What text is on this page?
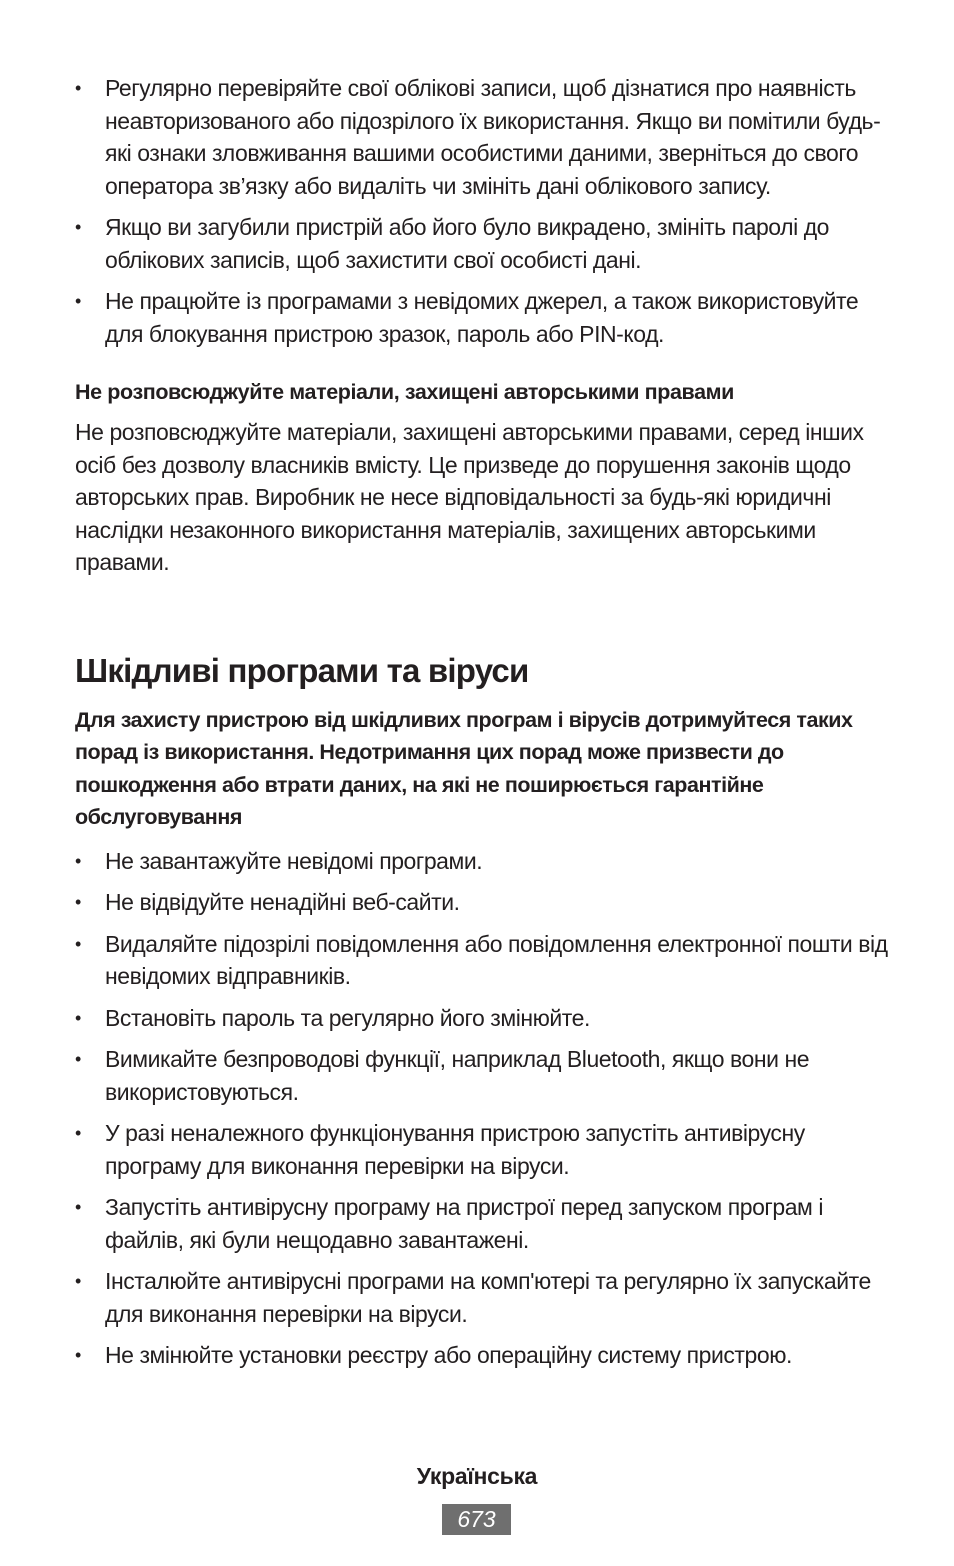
• Регулярно перевіряйте свої облікові записи, щоб дізнатися про наявність неавторизованого або підозрілого їх використання. Якщо ви помітили будь-які ознаки зловживання вашими особистими даними, зверніться до свого оператора зв’язку або видаліть чи змініть дані облікового запису.
• Якщо ви загубили пристрій або його було викрадено, змініть паролі до облікових записів, щоб захистити свої особисті дані.
• Не працюйте із програмами з невідомих джерел, а також використовуйте для блокування пристрою зразок, пароль або PIN-код.
Не розповсюджуйте матеріали, захищені авторськими правами

Не розповсюджуйте матеріали, захищені авторськими правами, серед інших осіб без дозволу власників вмісту. Це призведе до порушення законів щодо авторських прав. Виробник не несе відповідальності за будь-які юридичні наслідки незаконного використання матеріалів, захищених авторськими правами.

Шкідливі програми та віруси

Для захисту пристрою від шкідливих програм і вірусів дотримуйтеся таких порад із використання. Недотримання цих порад може призвести до пошкодження або втрати даних, на які не поширюється гарантійне обслуговування

• Не завантажуйте невідомі програми.
• Не відвідуйте ненадійні веб-сайти.
• Видаляйте підозрілі повідомлення або повідомлення електронної пошти від невідомих відправників.
• Встановіть пароль та регулярно його змінюйте.
• Вимикайте безпроводові функції, наприклад Bluetooth, якщо вони не використовуються.
• У разі неналежного функціонування пристрою запустіть антивірусну програму для виконання перевірки на віруси.
• Запустіть антивірусну програму на пристрої перед запуском програм і файлів, які були нещодавно завантажені.
• Інсталюйте антивірусні програми на комп'ютері та регулярно їх запускайте для виконання перевірки на віруси.
• Не змінюйте установки реєстру або операційну систему пристрою.
Українська
673
